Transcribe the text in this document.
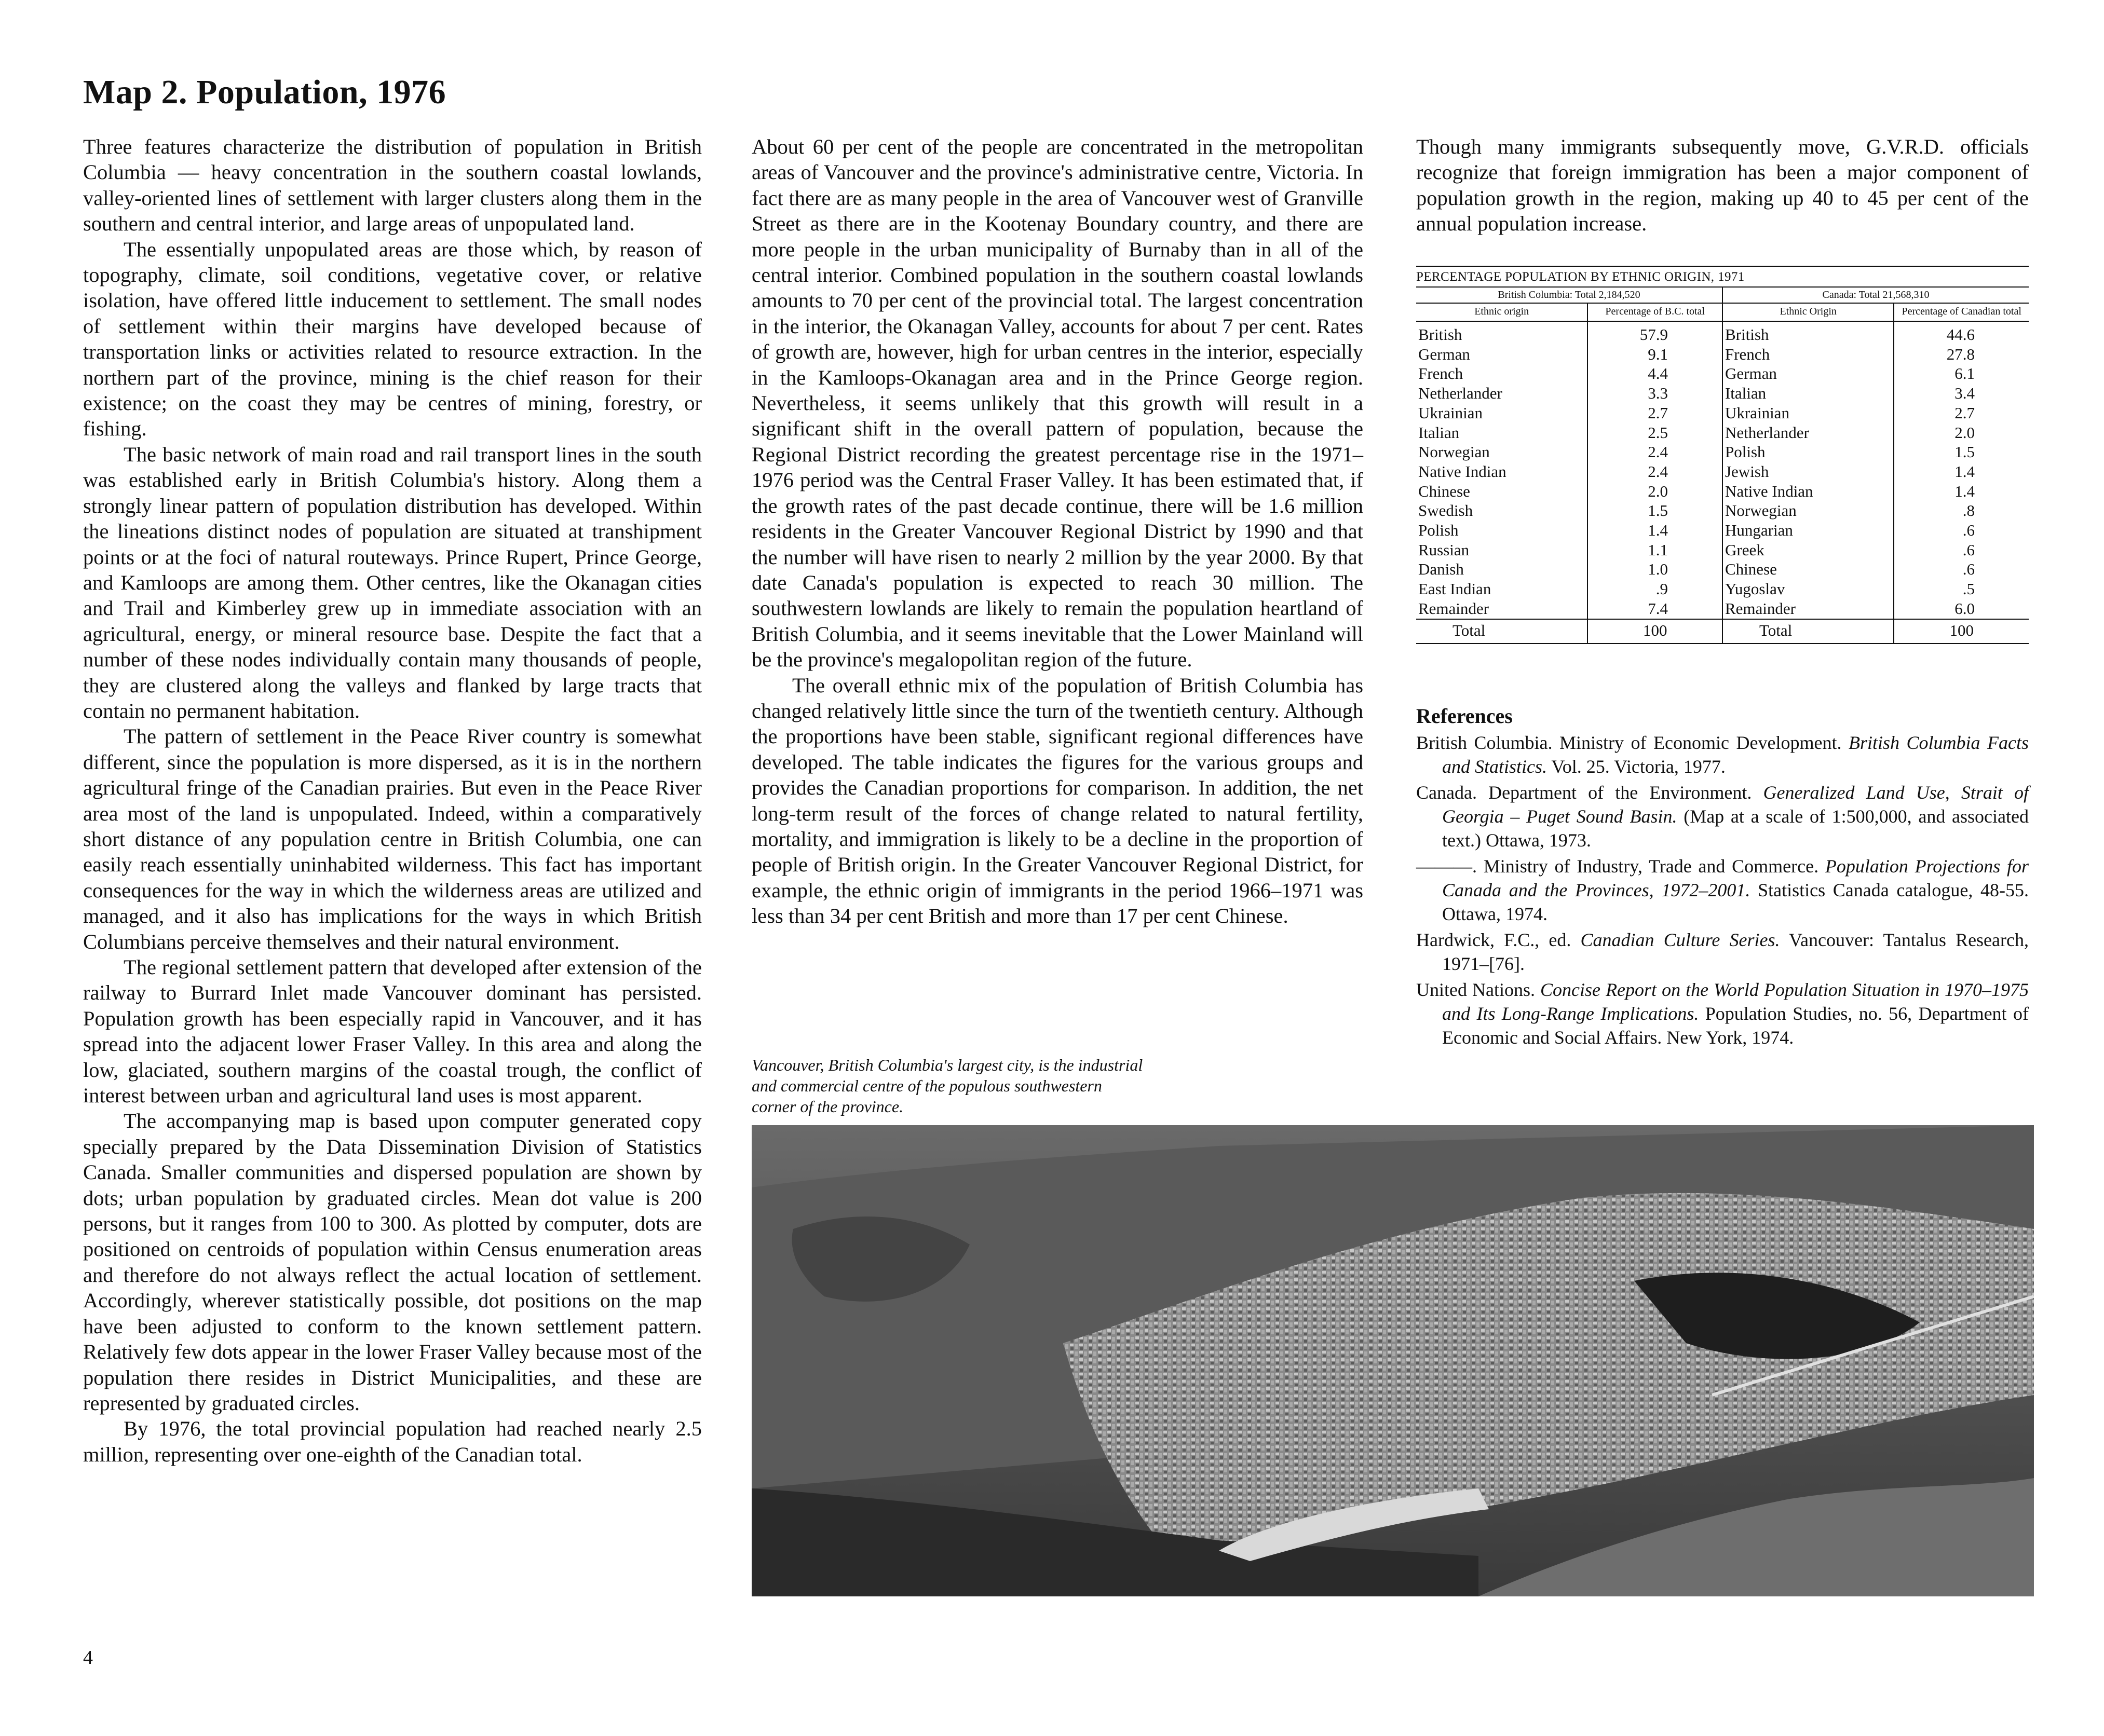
Map 2. Population, 1976

Three features characterize the distribution of population in British Columbia — heavy concentration in the southern coastal lowlands, valley-oriented lines of settlement with larger clusters along them in the southern and central interior, and large areas of unpopulated land.

The essentially unpopulated areas are those which, by reason of topography, climate, soil conditions, vegetative cover, or relative isolation, have offered little inducement to settlement. The small nodes of settlement within their margins have developed because of transportation links or activities related to resource extraction. In the northern part of the province, mining is the chief reason for their existence; on the coast they may be centres of mining, forestry, or fishing.

The basic network of main road and rail transport lines in the south was established early in British Columbia's history. Along them a strongly linear pattern of population distribution has developed. Within the lineations distinct nodes of population are situated at transhipment points or at the foci of natural routeways. Prince Rupert, Prince George, and Kamloops are among them. Other centres, like the Okanagan cities and Trail and Kimberley grew up in immediate association with an agricultural, energy, or mineral resource base. Despite the fact that a number of these nodes individually contain many thousands of people, they are clustered along the valleys and flanked by large tracts that contain no permanent habitation.

The pattern of settlement in the Peace River country is somewhat different, since the population is more dispersed, as it is in the northern agricultural fringe of the Canadian prairies. But even in the Peace River area most of the land is unpopulated. Indeed, within a comparatively short distance of any population centre in British Columbia, one can easily reach essentially uninhabited wilderness. This fact has important consequences for the way in which the wilderness areas are utilized and managed, and it also has implications for the ways in which British Columbians perceive themselves and their natural environment.

The regional settlement pattern that developed after extension of the railway to Burrard Inlet made Vancouver dominant has persisted. Population growth has been especially rapid in Vancouver, and it has spread into the adjacent lower Fraser Valley. In this area and along the low, glaciated, southern margins of the coastal trough, the conflict of interest between urban and agricultural land uses is most apparent.

The accompanying map is based upon computer generated copy specially prepared by the Data Dissemination Division of Statistics Canada. Smaller communities and dispersed population are shown by dots; urban population by graduated circles. Mean dot value is 200 persons, but it ranges from 100 to 300. As plotted by computer, dots are positioned on centroids of population within Census enumeration areas and therefore do not always reflect the actual location of settlement. Accordingly, wherever statistically possible, dot positions on the map have been adjusted to conform to the known settlement pattern. Relatively few dots appear in the lower Fraser Valley because most of the population there resides in District Municipalities, and these are represented by graduated circles.

By 1976, the total provincial population had reached nearly 2.5 million, representing over one-eighth of the Canadian total.

About 60 per cent of the people are concentrated in the metropolitan areas of Vancouver and the province's administrative centre, Victoria. In fact there are as many people in the area of Vancouver west of Granville Street as there are in the Kootenay Boundary country, and there are more people in the urban municipality of Burnaby than in all of the central interior. Combined population in the southern coastal lowlands amounts to 70 per cent of the provincial total. The largest concentration in the interior, the Okanagan Valley, accounts for about 7 per cent. Rates of growth are, however, high for urban centres in the interior, especially in the Kamloops-Okanagan area and in the Prince George region. Nevertheless, it seems unlikely that this growth will result in a significant shift in the overall pattern of population, because the Regional District recording the greatest percentage rise in the 1971–1976 period was the Central Fraser Valley. It has been estimated that, if the growth rates of the past decade continue, there will be 1.6 million residents in the Greater Vancouver Regional District by 1990 and that the number will have risen to nearly 2 million by the year 2000. By that date Canada's population is expected to reach 30 million. The southwestern lowlands are likely to remain the population heartland of British Columbia, and it seems inevitable that the Lower Mainland will be the province's megalopolitan region of the future.

The overall ethnic mix of the population of British Columbia has changed relatively little since the turn of the twentieth century. Although the proportions have been stable, significant regional differences have developed. The table indicates the figures for the various groups and provides the Canadian proportions for comparison. In addition, the net long-term result of the forces of change related to natural fertility, mortality, and immigration is likely to be a decline in the proportion of people of British origin. In the Greater Vancouver Regional District, for example, the ethnic origin of immigrants in the period 1966–1971 was less than 34 per cent British and more than 17 per cent Chinese.

Though many immigrants subsequently move, G.V.R.D. officials recognize that foreign immigration has been a major component of population growth in the region, making up 40 to 45 per cent of the annual population increase.

PERCENTAGE POPULATION BY ETHNIC ORIGIN, 1971
British Columbia: Total 2,184,520		Canada: Total 21,568,310	
Ethnic origin	Percentage of B.C. total	Ethnic Origin	Percentage of Canadian total
British	57.9	British	44.6
German	9.1	French	27.8
French	4.4	German	6.1
Netherlander	3.3	Italian	3.4
Ukrainian	2.7	Ukrainian	2.7
Italian	2.5	Netherlander	2.0
Norwegian	2.4	Polish	1.5
Native Indian	2.4	Jewish	1.4
Chinese	2.0	Native Indian	1.4
Swedish	1.5	Norwegian	.8
Polish	1.4	Hungarian	.6
Russian	1.1	Greek	.6
Danish	1.0	Chinese	.6
East Indian	.9	Yugoslav	.5
Remainder	7.4	Remainder	6.0
Total	100	Total	100
References

British Columbia. Ministry of Economic Development. British Columbia Facts and Statistics. Vol. 25. Victoria, 1977.

Canada. Department of the Environment. Generalized Land Use, Strait of Georgia – Puget Sound Basin. (Map at a scale of 1:500,000, and associated text.) Ottawa, 1973.

———. Ministry of Industry, Trade and Commerce. Population Projections for Canada and the Provinces, 1972–2001. Statistics Canada catalogue, 48-55. Ottawa, 1974.

Hardwick, F.C., ed. Canadian Culture Series. Vancouver: Tantalus Research, 1971–[76].

United Nations. Concise Report on the World Population Situation in 1970–1975 and Its Long-Range Implications. Population Studies, no. 56, Department of Economic and Social Affairs. New York, 1974.

Vancouver, British Columbia's largest city, is the industrial and commercial centre of the populous southwestern corner of the province.
4
